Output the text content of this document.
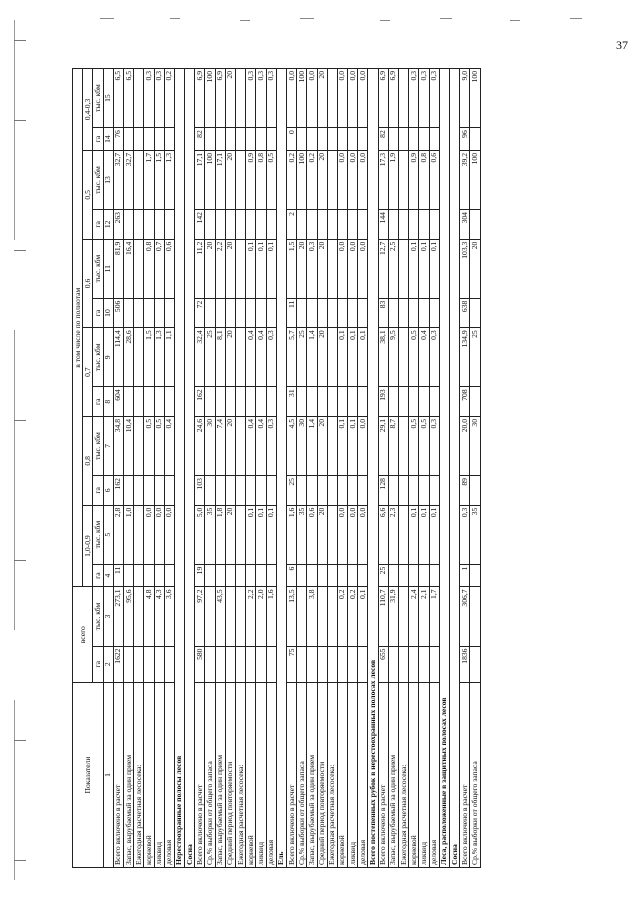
37
Показатели	всего		в том числе по полнотам											
			1,0-0,9		0,8		0,7		0,6		0,5		0,4-0,3	
	га	тыс. кбм	га	тыс. кбм	га	тыс. кбм	га	тыс. кбм	га	тыс. кбм	га	тыс. кбм	га	тыс. кбм
1	2	3	4	5	6	7	8	9	10	11	12	13	14	15
Всего включено в расчет	1622	273,1	11	2,8	162	34,8	604	114,4	506	81,9	263	32,7	76	6,5
Запас, вырубаемый за один прием		95,6		1,0		10,4		28,6		16,4		32,7		6,5
Ежегодная расчетная лесосека:														
корневой		4,8		0,0		0,5		1,5		0,8		1,7		0,3
ликвид		4,3		0,0		0,5		1,3		0,7		1,5		0,3
деловая		3,6		0,0		0,4		1,1		0,6		1,3		0,2
Нерестоохранные полосы лесов														
Сосна														
Всего включено в расчет	580	97,2	19	5,0	103	24,6	162	32,4	72	11,2	142	17,1	82	6,9
Ср.% выборки от общего запаса				35		30		25		20		100		100
Запас, вырубаемый за один прием		43,5		1,8		7,4		8,1		2,2		17,1		6,9
Средний период повторяемости				20		20		20		20		20		20
Ежегодная расчетная лесосека:														
корневой		2,2		0,1		0,4		0,4		0,1		0,9		0,3
ликвид		2,0		0,1		0,4		0,4		0,1		0,8		0,3
деловая		1,6		0,1		0,3		0,3		0,1		0,5		0,3
Ель														
Всего включено в расчет	75	13,5	6	1,6	25	4,5	31	5,7	11	1,5	2	0,2	0	0,0
Ср.% выборки от общего запаса				35		30		25		20		100		100
Запас, вырубаемый за один прием		3,8		0,6		1,4		1,4		0,3		0,2		0,0
Средний период повторяемости				20		20		20		20		20		20
Ежегодная расчетная лесосека:														
корневой		0,2		0,0		0,1		0,1		0,0		0,0		0,0
ликвид		0,2		0,0		0,1		0,1		0,0		0,0		0,0
деловая		0,1		0,0		0,0		0,1		0,0		0,0		0,0
Всего постепенных рубок в нерестоохранных полосах лесов														
Всего включено в расчет	655	110,7	25	6,6	128	29,1	193	38,1	83	12,7	144	17,3	82	6,9
Запас, вырубаемый за один прием		31,9		2,3		8,7		9,5		2,5		1,9		6,9
Ежегодная расчетная лесосека:														
корневой		2,4		0,1		0,5		0,5		0,1		0,9		0,3
ликвид		2,1		0,1		0,5		0,4		0,1		0,8		0,3
деловая		1,7		0,1		0,3		0,3		0,1		0,6		0,3
Леса, расположенные в защитных полосах лесов														
Сосна														
Всего включено в расчет	1836	306,7	1	0,3	89	20,0	708	134,9	638	103,3	304	39,2	96	9,0
Ср.% выборки от общего запаса				35		30		25		20		100		100
